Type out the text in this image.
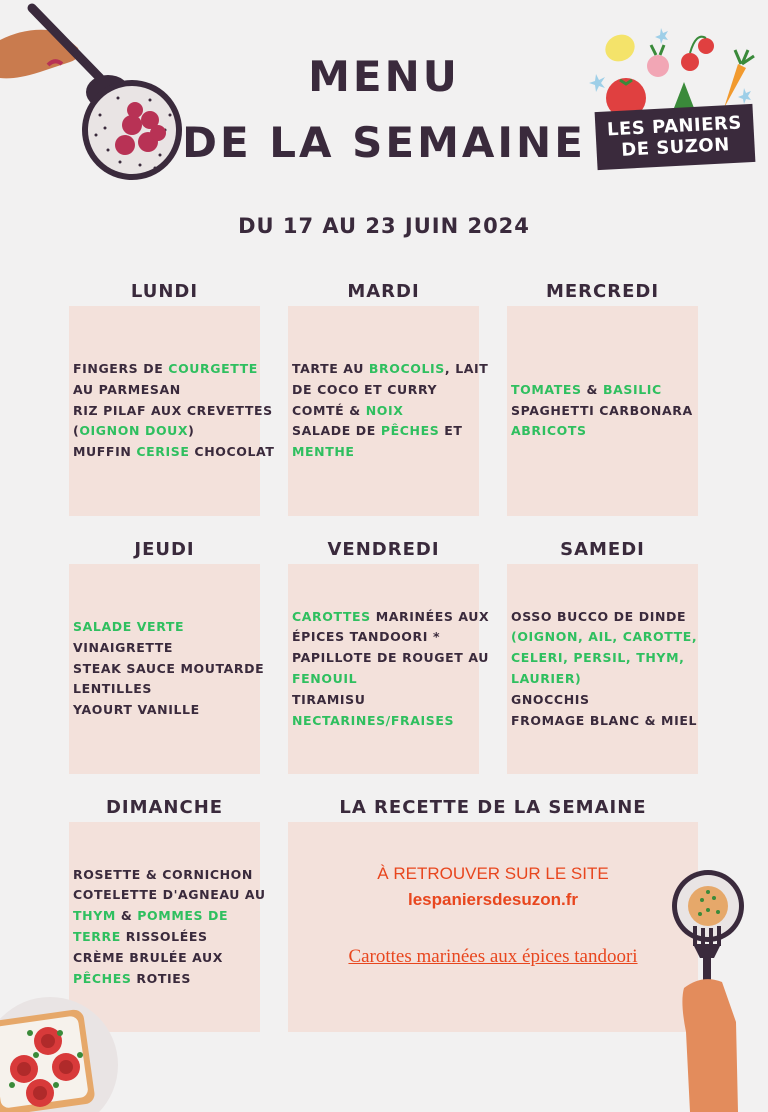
MENU
DE LA SEMAINE	LES PANIERS
DE SUZON
DU 17 AU 23 JUIN 2024
LUNDI	MARDI	MERCREDI
FINGERS DE COURGETTE
AU PARMESAN
RIZ PILAF AUX CREVETTES
(OIGNON DOUX)
MUFFIN CERISE CHOCOLAT
TARTE AU BROCOLIS, LAIT
DE COCO ET CURRY
COMTÉ & NOIX
SALADE DE PÊCHES ET
MENTHE
TOMATES & BASILIC
SPAGHETTI CARBONARA
ABRICOTS
JEUDI	VENDREDI	SAMEDI
SALADE VERTE
VINAIGRETTE
STEAK SAUCE MOUTARDE
LENTILLES
YAOURT VANILLE
CAROTTES MARINÉES AUX
ÉPICES TANDOORI *
PAPILLOTE DE ROUGET AU
FENOUIL
TIRAMISU
NECTARINES/FRAISES
OSSO BUCCO DE DINDE
(OIGNON, AIL, CAROTTE,
CELERI, PERSIL, THYM,
LAURIER)
GNOCCHIS
FROMAGE BLANC & MIEL
DIMANCHE	LA RECETTE DE LA SEMAINE
ROSETTE & CORNICHON
COTELETTE D'AGNEAU AU
THYM & POMMES DE
TERRE RISSOLÉES
CRÈME BRULÉE AUX
PÊCHES ROTIES
À RETROUVER SUR LE SITE
lespaniersdesuzon.fr
Carottes marinées aux épices tandoori
